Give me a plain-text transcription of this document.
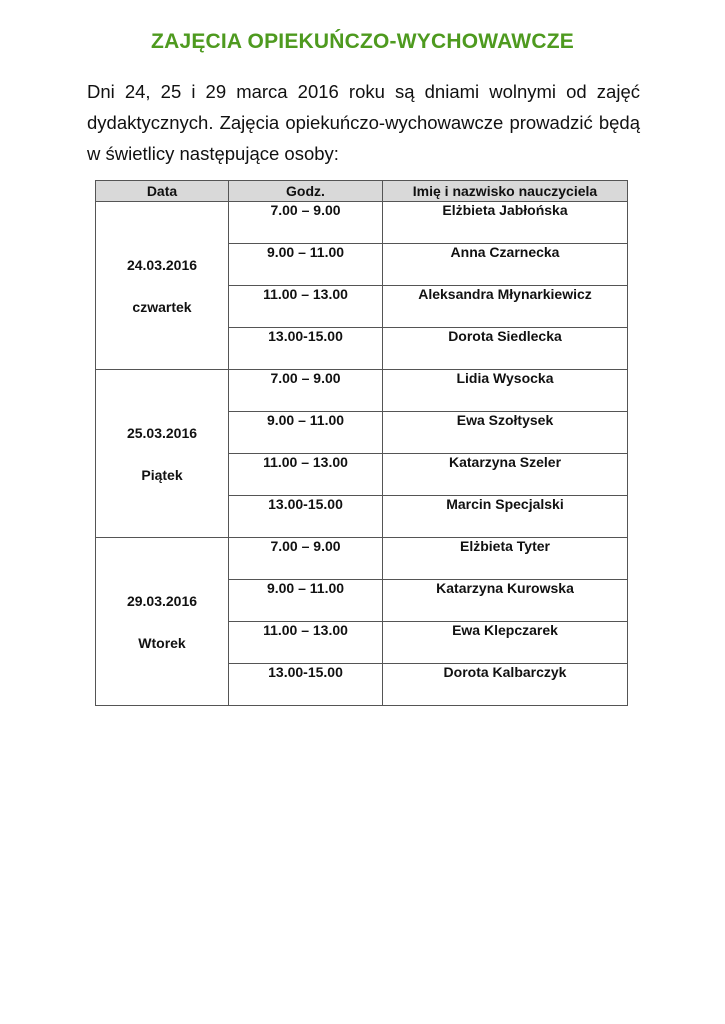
ZAJĘCIA OPIEKUŃCZO-WYCHOWAWCZE

Dni 24, 25 i 29 marca 2016 roku są dniami wolnymi od zajęć dydaktycznych. Zajęcia opiekuńczo-wychowawcze prowadzić będą w świetlicy następujące osoby:

Data	Godz.	Imię i nazwisko nauczyciela

24.03.2016
czwartek	7.00 – 9.00	Elżbieta Jabłońska
	9.00 – 11.00	Anna Czarnecka
	11.00 – 13.00	Aleksandra Młynarkiewicz
	13.00-15.00	Dorota Siedlecka

25.03.2016
Piątek	7.00 – 9.00	Lidia Wysocka
	9.00 – 11.00	Ewa Szołtysek
	11.00 – 13.00	Katarzyna Szeler
	13.00-15.00	Marcin Specjalski

29.03.2016
Wtorek	7.00 – 9.00	Elżbieta Tyter
	9.00 – 11.00	Katarzyna Kurowska
	11.00 – 13.00	Ewa Klepczarek
	13.00-15.00	Dorota Kalbarczyk
